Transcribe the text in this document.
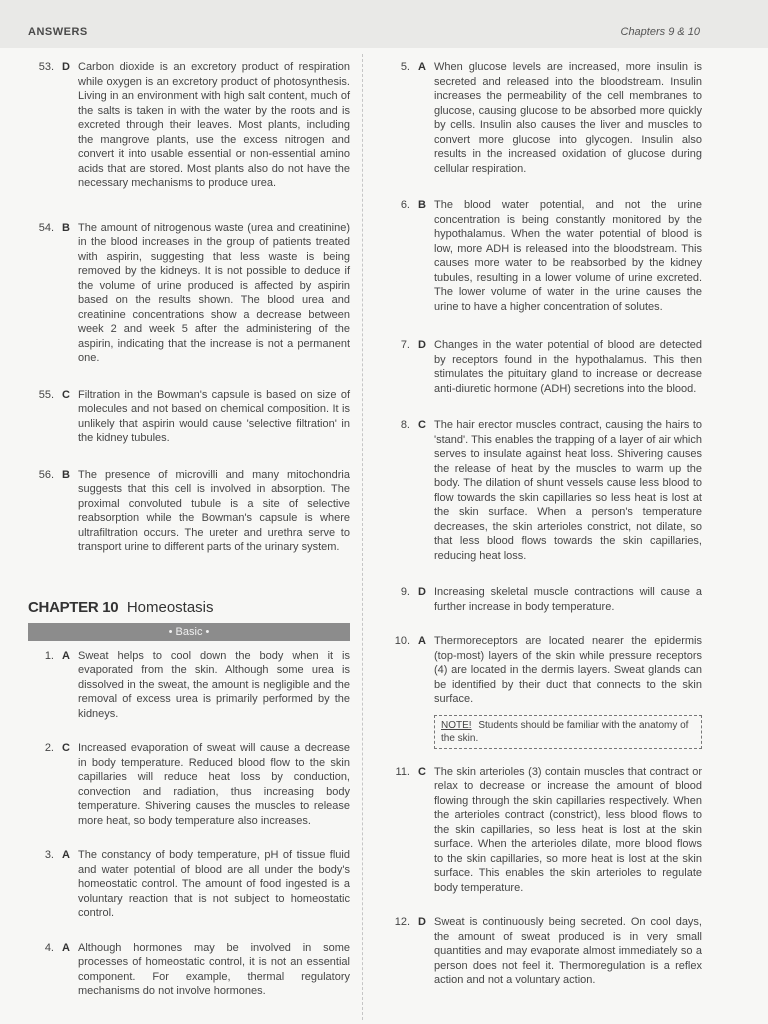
ANSWERS	Chapters 9 & 10
53. D Carbon dioxide is an excretory product of respiration while oxygen is an excretory product of photosynthesis. Living in an environment with high salt content, much of the salts is taken in with the water by the roots and is excreted through their leaves. Most plants, including the mangrove plants, use the excess nitrogen and convert it into usable essential or non-essential amino acids that are stored. Most plants also do not have the necessary mechanisms to produce urea.
54. B The amount of nitrogenous waste (urea and creatinine) in the blood increases in the group of patients treated with aspirin, suggesting that less waste is being removed by the kidneys. It is not possible to deduce if the volume of urine produced is affected by aspirin based on the results shown. The blood urea and creatinine concentrations show a decrease between week 2 and week 5 after the administering of the aspirin, indicating that the increase is not a permanent one.
55. C Filtration in the Bowman's capsule is based on size of molecules and not based on chemical composition. It is unlikely that aspirin would cause 'selective filtration' in the kidney tubules.
56. B The presence of microvilli and many mitochondria suggests that this cell is involved in absorption. The proximal convoluted tubule is a site of selective reabsorption while the Bowman's capsule is where ultrafiltration occurs. The ureter and urethra serve to transport urine to different parts of the urinary system.
CHAPTER 10 Homeostasis
• Basic •
1. A Sweat helps to cool down the body when it is evaporated from the skin. Although some urea is dissolved in the sweat, the amount is negligible and the removal of excess urea is primarily performed by the kidneys.
2. C Increased evaporation of sweat will cause a decrease in body temperature. Reduced blood flow to the skin capillaries will reduce heat loss by conduction, convection and radiation, thus increasing body temperature. Shivering causes the muscles to release more heat, so body temperature also increases.
3. A The constancy of body temperature, pH of tissue fluid and water potential of blood are all under the body's homeostatic control. The amount of food ingested is a voluntary reaction that is not subject to homeostatic control.
4. A Although hormones may be involved in some processes of homeostatic control, it is not an essential component. For example, thermal regulatory mechanisms do not involve hormones.
5. A When glucose levels are increased, more insulin is secreted and released into the bloodstream. Insulin increases the permeability of the cell membranes to glucose, causing glucose to be absorbed more quickly by cells. Insulin also causes the liver and muscles to convert more glucose into glycogen. Insulin also results in the increased oxidation of glucose during cellular respiration.
6. B The blood water potential, and not the urine concentration is being constantly monitored by the hypothalamus. When the water potential of blood is low, more ADH is released into the bloodstream. This causes more water to be reabsorbed by the kidney tubules, resulting in a lower volume of urine excreted. The lower volume of water in the urine causes the urine to have a higher concentration of solutes.
7. D Changes in the water potential of blood are detected by receptors found in the hypothalamus. This then stimulates the pituitary gland to increase or decrease anti-diuretic hormone (ADH) secretions into the blood.
8. C The hair erector muscles contract, causing the hairs to 'stand'. This enables the trapping of a layer of air which serves to insulate against heat loss. Shivering causes the release of heat by the muscles to warm up the body. The dilation of shunt vessels cause less blood to flow towards the skin capillaries so less heat is lost at the skin surface. When a person's temperature decreases, the skin arterioles constrict, not dilate, so that less blood flows towards the skin capillaries, reducing heat loss.
9. D Increasing skeletal muscle contractions will cause a further increase in body temperature.
10. A Thermoreceptors are located nearer the epidermis (top-most) layers of the skin while pressure receptors (4) are located in the dermis layers. Sweat glands can be identified by their duct that connects to the skin surface.
NOTE! Students should be familiar with the anatomy of the skin.
11. C The skin arterioles (3) contain muscles that contract or relax to decrease or increase the amount of blood flowing through the skin capillaries respectively. When the arterioles contract (constrict), less blood flows to the skin capillaries, so less heat is lost at the skin surface. When the arterioles dilate, more blood flows to the skin capillaries, so more heat is lost at the skin surface. This enables the skin arterioles to regulate body temperature.
12. D Sweat is continuously being secreted. On cool days, the amount of sweat produced is in very small quantities and may evaporate almost immediately so a person does not feel it. Thermoregulation is a reflex action and not a voluntary action.
